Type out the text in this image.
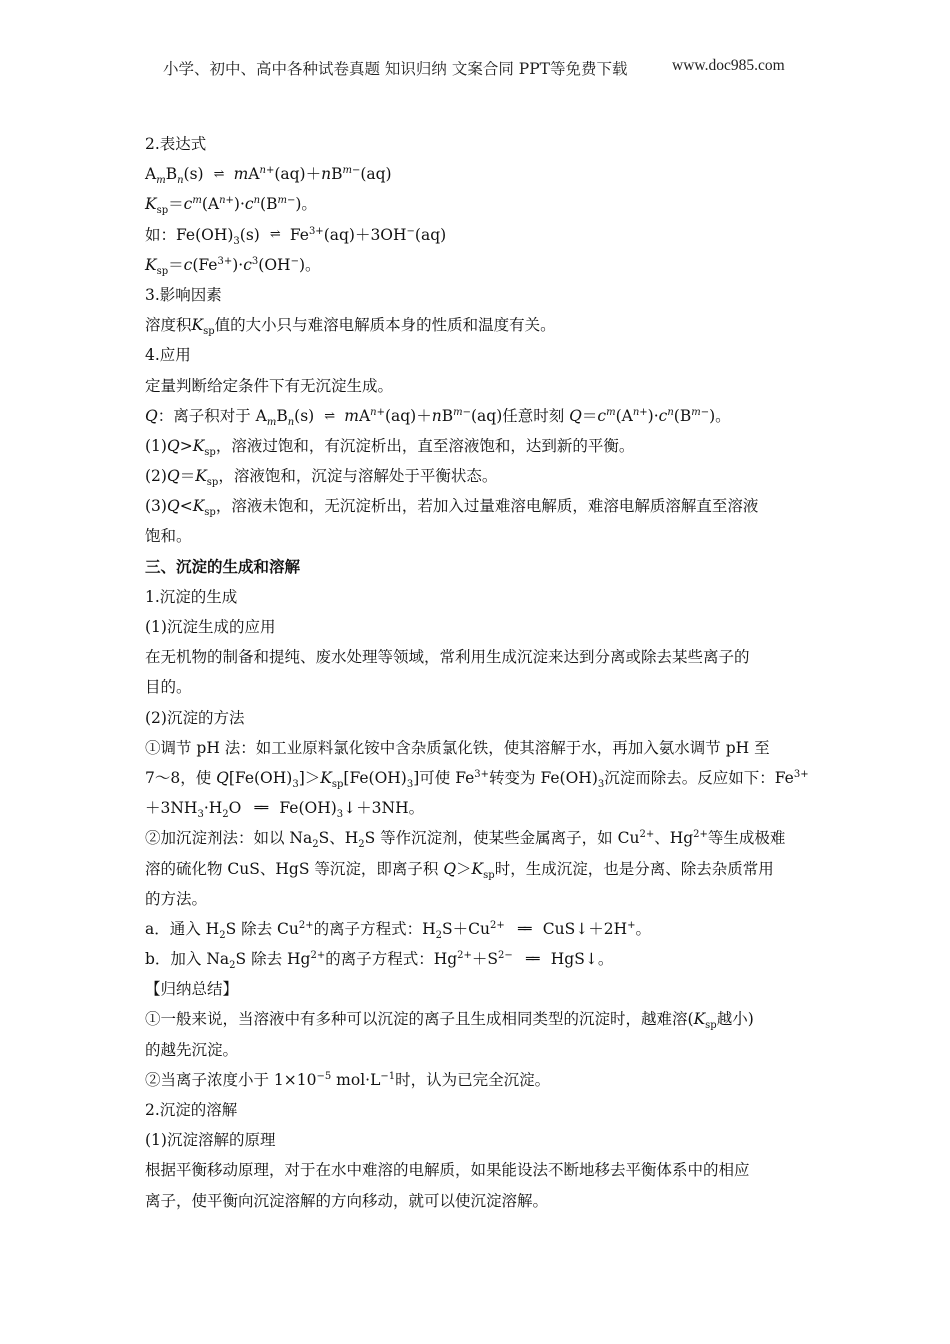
小学、初中、高中各种试卷真题 知识归纳 文案合同 PPT等免费下载	www.doc985.com
2.表达式
$A_mB_n(s)$ ⇌ $mA^{n+}(aq)+nB^{m-}(aq)$
$K_{sp}=c^m(A^{n+})\cdot c^n(B^{m-})$。
如：$Fe(OH)_3(s)$ ⇌ $Fe^{3+}(aq)+3OH^-(aq)$
$K_{sp}=c(Fe^{3+})\cdot c^3(OH^-)$。
3.影响因素
溶度积$K_{sp}$值的大小只与难溶电解质本身的性质和温度有关。
4.应用
定量判断给定条件下有无沉淀生成。
Q：离子积对于 $A_mB_n(s)$ ⇌ $mA^{n+}(aq)+nB^{m-}(aq)$任意时刻 $Q=c^m(A^{n+})\cdot c^n(B^{m-})$。
$(1)Q>K_{sp}$，溶液过饱和，有沉淀析出，直至溶液饱和，达到新的平衡。
$(2)Q=K_{sp}$，溶液饱和，沉淀与溶解处于平衡状态。
$(3)Q<K_{sp}$，溶液未饱和，无沉淀析出，若加入过量难溶电解质，难溶电解质溶解直至溶液
饱和。
三、沉淀的生成和溶解
1.沉淀的生成
(1)沉淀生成的应用
在无机物的制备和提纯、废水处理等领域，常利用生成沉淀来达到分离或除去某些离子的
目的。
(2)沉淀的方法
①调节 pH 法：如工业原料氯化铵中含杂质氯化铁，使其溶解于水，再加入氨水调节 pH 至
7～8，使 $Q[Fe(OH)_3]>K_{sp}[Fe(OH)_3]$可使 $Fe^{3+}$转变为 $Fe(OH)_3$沉淀而除去。反应如下：$Fe^{3+}$
$+3NH_3\cdot H_2O$ ══ $Fe(OH)_3↓+3NH$。
②加沉淀剂法：如以 $Na_2S$、$H_2S$ 等作沉淀剂，使某些金属离子，如 $Cu^{2+}$、$Hg^{2+}$等生成极难
溶的硫化物 CuS、HgS 等沉淀，即离子积 $Q>K_{sp}$时，生成沉淀，也是分离、除去杂质常用
的方法。
a．通入 $H_2S$ 除去 $Cu^{2+}$的离子方程式：$H_2S+Cu^{2+}$ ══ CuS↓＋2H+。
b．加入 $Na_2S$ 除去 $Hg^{2+}$的离子方程式：$Hg^{2+}+S^{2-}$ ══ HgS↓。
【归纳总结】
①一般来说，当溶液中有多种可以沉淀的离子且生成相同类型的沉淀时，越难溶($K_{sp}$越小)
的越先沉淀。
②当离子浓度小于 $1\times 10^{-5}$ $mol\cdot L^{-1}$时，认为已完全沉淀。
2.沉淀的溶解
(1)沉淀溶解的原理
根据平衡移动原理，对于在水中难溶的电解质，如果能设法不断地移去平衡体系中的相应
离子，使平衡向沉淀溶解的方向移动，就可以使沉淀溶解。
